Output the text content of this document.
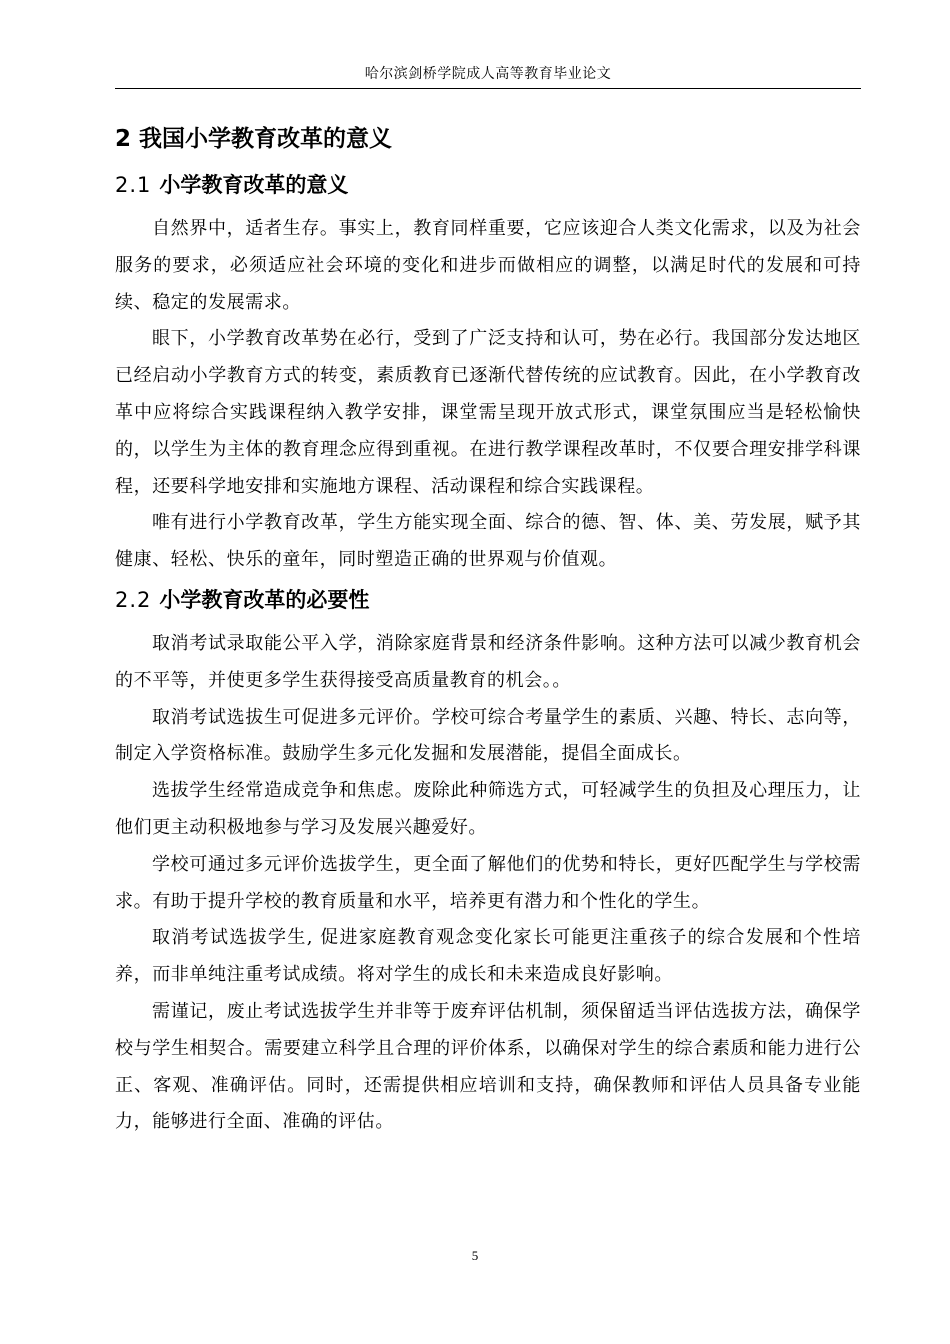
哈尔滨剑桥学院成人高等教育毕业论文
2 我国小学教育改革的意义
2.1 小学教育改革的意义

自然界中，适者生存。事实上，教育同样重要，它应该迎合人类文化需求，以及为社会服务的要求，必须适应社会环境的变化和进步而做相应的调整，以满足时代的发展和可持续、稳定的发展需求。

眼下，小学教育改革势在必行，受到了广泛支持和认可，势在必行。我国部分发达地区已经启动小学教育方式的转变，素质教育已逐渐代替传统的应试教育。因此，在小学教育改革中应将综合实践课程纳入教学安排，课堂需呈现开放式形式，课堂氛围应当是轻松愉快的，以学生为主体的教育理念应得到重视。在进行教学课程改革时，不仅要合理安排学科课程，还要科学地安排和实施地方课程、活动课程和综合实践课程。

唯有进行小学教育改革，学生方能实现全面、综合的德、智、体、美、劳发展，赋予其健康、轻松、快乐的童年，同时塑造正确的世界观与价值观。

2.2 小学教育改革的必要性

取消考试录取能公平入学，消除家庭背景和经济条件影响。这种方法可以减少教育机会的不平等，并使更多学生获得接受高质量教育的机会。。

取消考试选拔生可促进多元评价。学校可综合考量学生的素质、兴趣、特长、志向等，制定入学资格标准。鼓励学生多元化发掘和发展潜能，提倡全面成长。

选拔学生经常造成竞争和焦虑。废除此种筛选方式，可轻减学生的负担及心理压力，让他们更主动积极地参与学习及发展兴趣爱好。

学校可通过多元评价选拔学生，更全面了解他们的优势和特长，更好匹配学生与学校需求。有助于提升学校的教育质量和水平，培养更有潜力和个性化的学生。

取消考试选拔学生, 促进家庭教育观念变化家长可能更注重孩子的综合发展和个性培养，而非单纯注重考试成绩。将对学生的成长和未来造成良好影响。

需谨记，废止考试选拔学生并非等于废弃评估机制，须保留适当评估选拔方法，确保学校与学生相契合。需要建立科学且合理的评价体系，以确保对学生的综合素质和能力进行公正、客观、准确评估。同时，还需提供相应培训和支持，确保教师和评估人员具备专业能力，能够进行全面、准确的评估。

5
